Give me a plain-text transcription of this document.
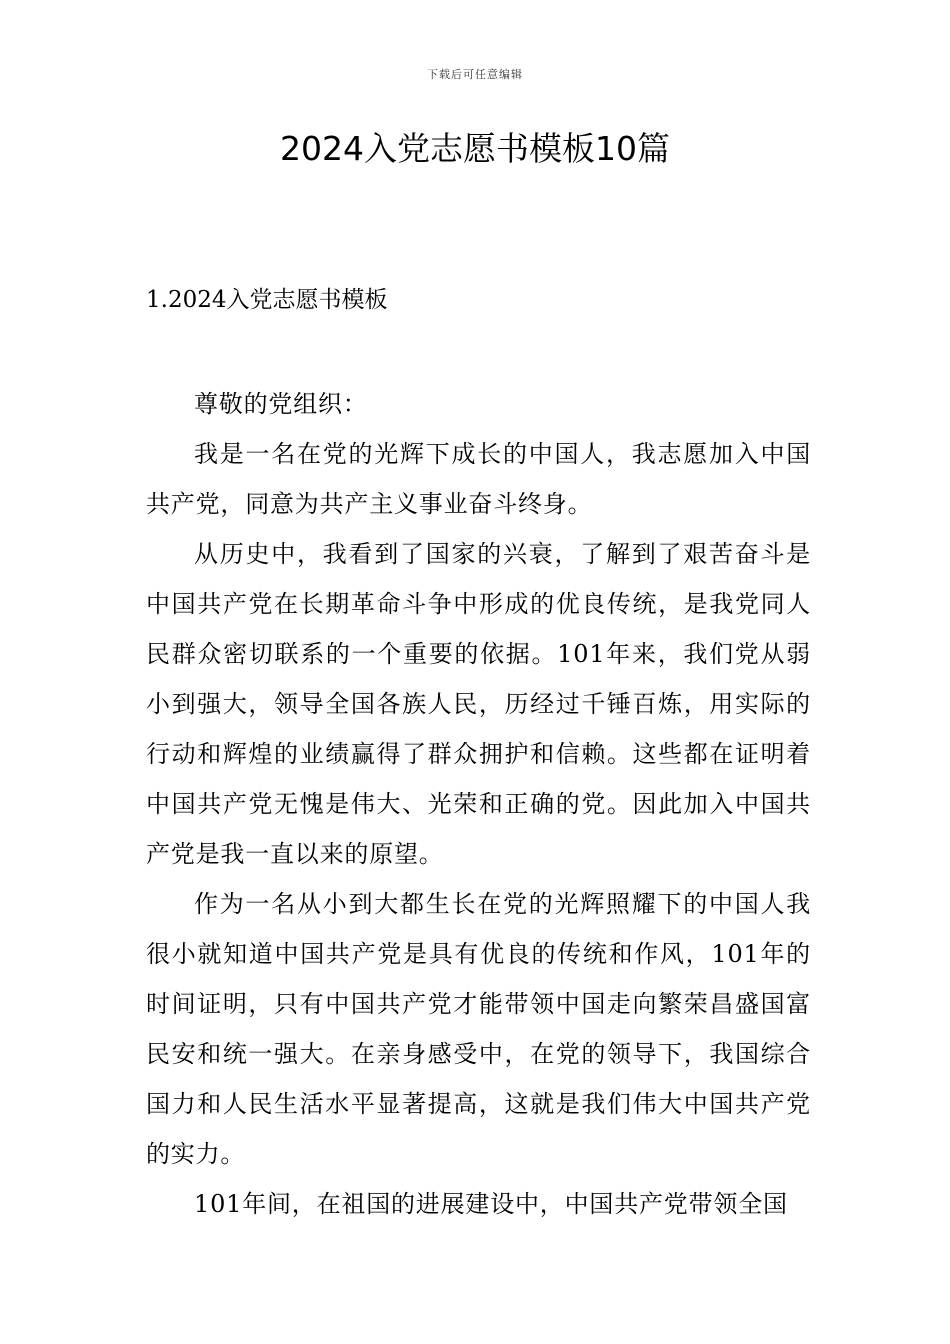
下载后可任意编辑
2024入党志愿书模板10篇
1.2024入党志愿书模板

尊敬的党组织：

我是一名在党的光辉下成长的中国人，我志愿加入中国共产党，同意为共产主义事业奋斗终身。

从历史中，我看到了国家的兴衰，了解到了艰苦奋斗是中国共产党在长期革命斗争中形成的优良传统，是我党同人民群众密切联系的一个重要的依据。101年来，我们党从弱小到强大，领导全国各族人民，历经过千锤百炼，用实际的行动和辉煌的业绩赢得了群众拥护和信赖。这些都在证明着中国共产党无愧是伟大、光荣和正确的党。因此加入中国共产党是我一直以来的原望。

作为一名从小到大都生长在党的光辉照耀下的中国人我很小就知道中国共产党是具有优良的传统和作风，101年的时间证明，只有中国共产党才能带领中国走向繁荣昌盛国富民安和统一强大。在亲身感受中，在党的领导下，我国综合国力和人民生活水平显著提高，这就是我们伟大中国共产党的实力。

101年间，在祖国的进展建设中，中国共产党带领全国
